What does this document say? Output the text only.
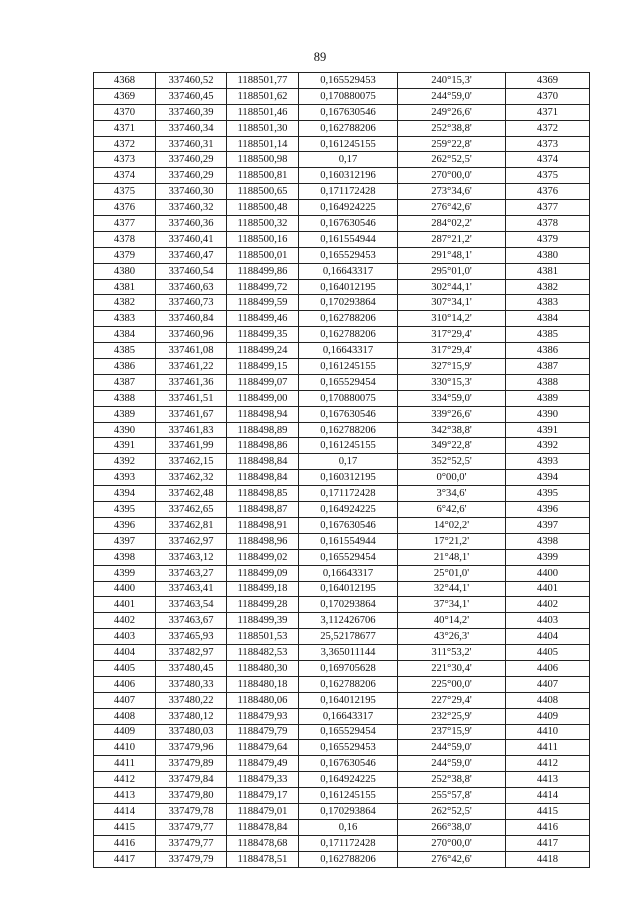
89
4368	337460,52	1188501,77	0,165529453	240°15,3'	4369
4369	337460,45	1188501,62	0,170880075	244°59,0'	4370
4370	337460,39	1188501,46	0,167630546	249°26,6'	4371
4371	337460,34	1188501,30	0,162788206	252°38,8'	4372
4372	337460,31	1188501,14	0,161245155	259°22,8'	4373
4373	337460,29	1188500,98	0,17	262°52,5'	4374
4374	337460,29	1188500,81	0,160312196	270°00,0'	4375
4375	337460,30	1188500,65	0,171172428	273°34,6'	4376
4376	337460,32	1188500,48	0,164924225	276°42,6'	4377
4377	337460,36	1188500,32	0,167630546	284°02,2'	4378
4378	337460,41	1188500,16	0,161554944	287°21,2'	4379
4379	337460,47	1188500,01	0,165529453	291°48,1'	4380
4380	337460,54	1188499,86	0,16643317	295°01,0'	4381
4381	337460,63	1188499,72	0,164012195	302°44,1'	4382
4382	337460,73	1188499,59	0,170293864	307°34,1'	4383
4383	337460,84	1188499,46	0,162788206	310°14,2'	4384
4384	337460,96	1188499,35	0,162788206	317°29,4'	4385
4385	337461,08	1188499,24	0,16643317	317°29,4'	4386
4386	337461,22	1188499,15	0,161245155	327°15,9'	4387
4387	337461,36	1188499,07	0,165529454	330°15,3'	4388
4388	337461,51	1188499,00	0,170880075	334°59,0'	4389
4389	337461,67	1188498,94	0,167630546	339°26,6'	4390
4390	337461,83	1188498,89	0,162788206	342°38,8'	4391
4391	337461,99	1188498,86	0,161245155	349°22,8'	4392
4392	337462,15	1188498,84	0,17	352°52,5'	4393
4393	337462,32	1188498,84	0,160312195	0°00,0'	4394
4394	337462,48	1188498,85	0,171172428	3°34,6'	4395
4395	337462,65	1188498,87	0,164924225	6°42,6'	4396
4396	337462,81	1188498,91	0,167630546	14°02,2'	4397
4397	337462,97	1188498,96	0,161554944	17°21,2'	4398
4398	337463,12	1188499,02	0,165529454	21°48,1'	4399
4399	337463,27	1188499,09	0,16643317	25°01,0'	4400
4400	337463,41	1188499,18	0,164012195	32°44,1'	4401
4401	337463,54	1188499,28	0,170293864	37°34,1'	4402
4402	337463,67	1188499,39	3,112426706	40°14,2'	4403
4403	337465,93	1188501,53	25,52178677	43°26,3'	4404
4404	337482,97	1188482,53	3,365011144	311°53,2'	4405
4405	337480,45	1188480,30	0,169705628	221°30,4'	4406
4406	337480,33	1188480,18	0,162788206	225°00,0'	4407
4407	337480,22	1188480,06	0,164012195	227°29,4'	4408
4408	337480,12	1188479,93	0,16643317	232°25,9'	4409
4409	337480,03	1188479,79	0,165529454	237°15,9'	4410
4410	337479,96	1188479,64	0,165529453	244°59,0'	4411
4411	337479,89	1188479,49	0,167630546	244°59,0'	4412
4412	337479,84	1188479,33	0,164924225	252°38,8'	4413
4413	337479,80	1188479,17	0,161245155	255°57,8'	4414
4414	337479,78	1188479,01	0,170293864	262°52,5'	4415
4415	337479,77	1188478,84	0,16	266°38,0'	4416
4416	337479,77	1188478,68	0,171172428	270°00,0'	4417
4417	337479,79	1188478,51	0,162788206	276°42,6'	4418
